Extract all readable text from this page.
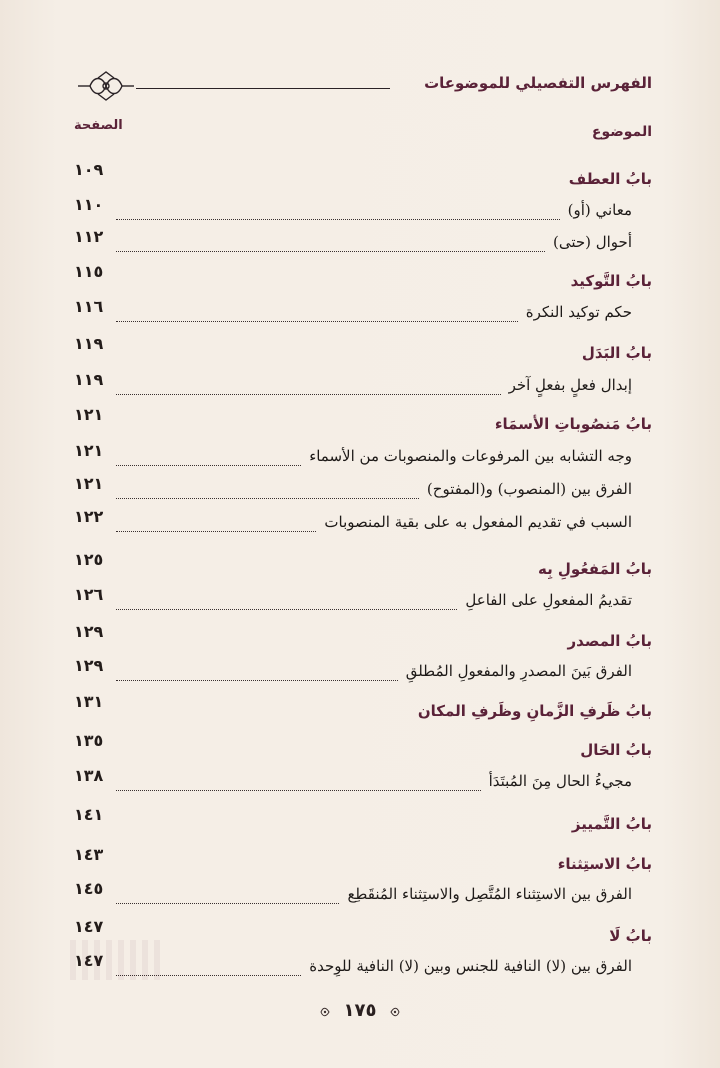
الفهرس التفصيلي للموضوعات
الموضوع
الصفحة
١٠٩	بابُ العطف
١١٠	معاني (أو)
١١٢	أحوال (حتى)
١١٥	بابُ التَّوكيد
١١٦	حكم توكيد النكرة
١١٩	بابُ البَدَل
١١٩	إبدال فعلٍ بفعلٍ آخر
١٢١	بابُ مَنصُوباتِ الأسمَاء
١٢١	وجه التشابه بين المرفوعات والمنصوبات من الأسماء
١٢١	الفرق بين (المنصوب) و(المفتوح)
١٢٢	السبب في تقديم المفعول به على بقية المنصوبات
١٢٥	بابُ المَفعُولِ بِه
١٢٦	تقديمُ المفعولِ على الفاعلِ
١٢٩	بابُ المصدر
١٢٩	الفرق بَينَ المصدرِ والمفعولِ المُطلقِ
١٣١	بابُ ظَرفِ الزَّمانِ وظَرفِ المكان
١٣٥	بابُ الحَال
١٣٨	مجيءُ الحال مِنَ المُبتَدَأ
١٤١	بابُ التَّمييز
١٤٣	بابُ الاستِثناء
١٤٥	الفرق بين الاستِثناء المُتَّصِل والاستِثناء المُنقَطِع
١٤٧	بابُ لَا
١٤٧	الفرق بين (لا) النافية للجنس وبين (لا) النافية للوِحدة
١٧٥
